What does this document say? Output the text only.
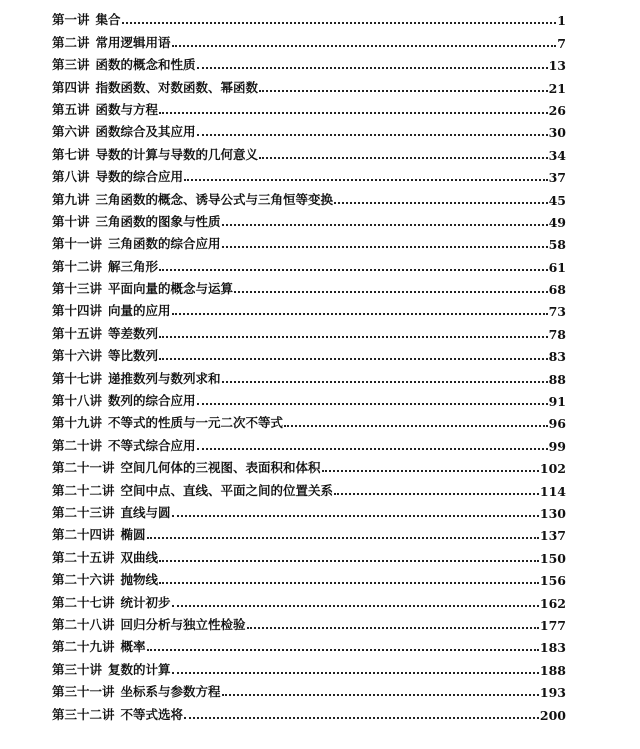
第一讲 集合	1
第二讲 常用逻辑用语	7
第三讲 函数的概念和性质	13
第四讲 指数函数、对数函数、幂函数	21
第五讲 函数与方程	26
第六讲 函数综合及其应用	30
第七讲 导数的计算与导数的几何意义	34
第八讲 导数的综合应用	37
第九讲 三角函数的概念、诱导公式与三角恒等变换	45
第十讲 三角函数的图象与性质	49
第十一讲 三角函数的综合应用	58
第十二讲 解三角形	61
第十三讲 平面向量的概念与运算	68
第十四讲 向量的应用	73
第十五讲 等差数列	78
第十六讲 等比数列	83
第十七讲 递推数列与数列求和	88
第十八讲 数列的综合应用	91
第十九讲 不等式的性质与一元二次不等式	96
第二十讲 不等式综合应用	99
第二十一讲 空间几何体的三视图、表面积和体积	102
第二十二讲 空间中点、直线、平面之间的位置关系	114
第二十三讲 直线与圆	130
第二十四讲 椭圆	137
第二十五讲 双曲线	150
第二十六讲 抛物线	156
第二十七讲 统计初步	162
第二十八讲 回归分析与独立性检验	177
第二十九讲 概率	183
第三十讲 复数的计算	188
第三十一讲 坐标系与参数方程	193
第三十二讲 不等式选将	200
